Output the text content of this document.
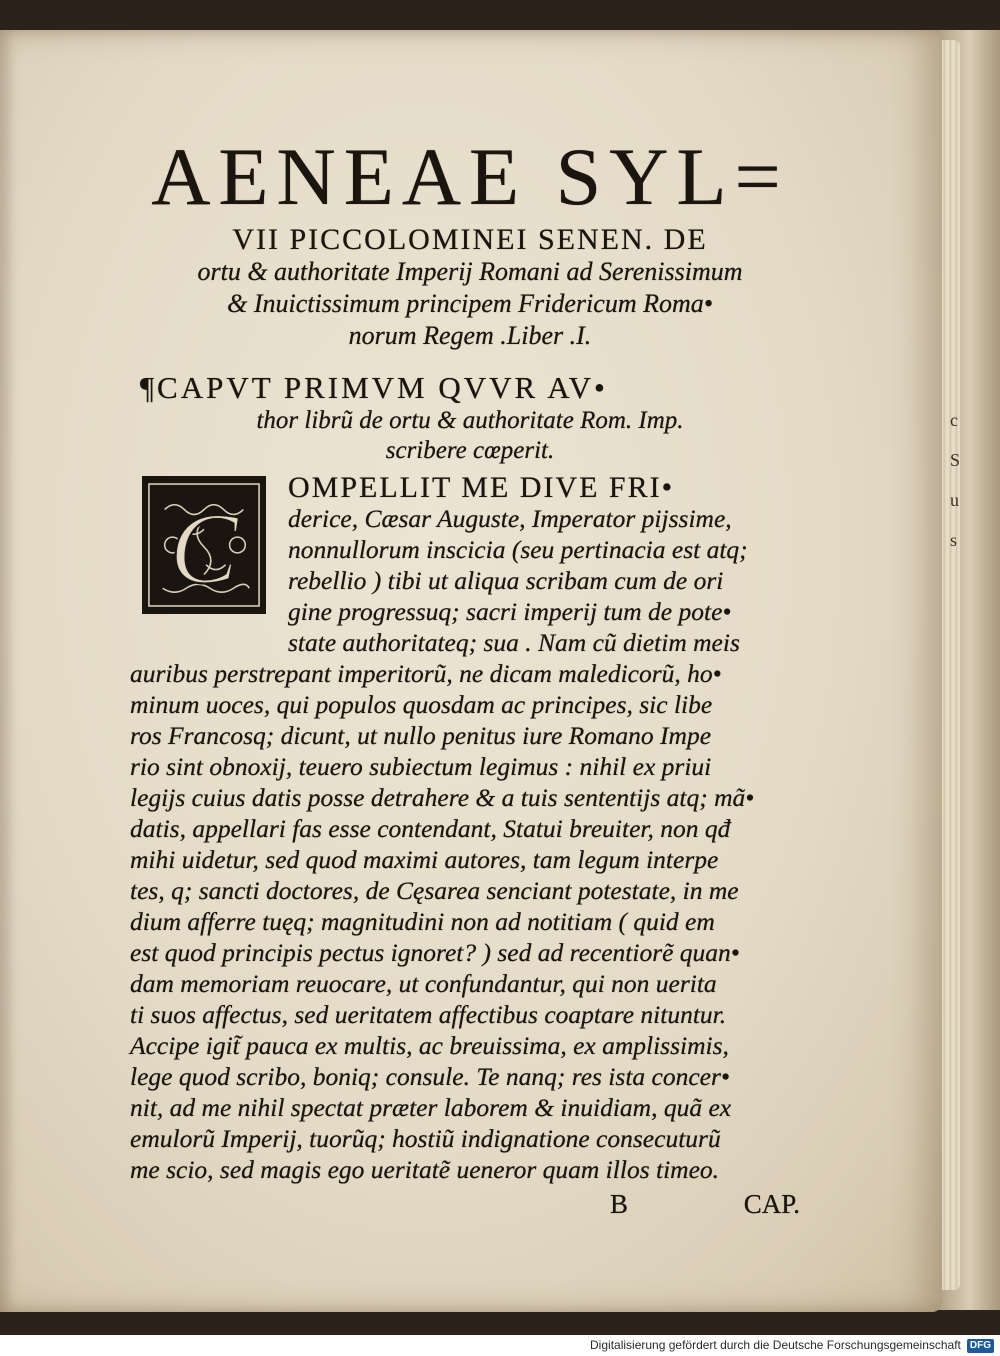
c
S
u
s
AENEAE SYL=
VII PICCOLOMINEI SENEN. DE
ortu & authoritate Imperij Romani ad Serenissimum
& Inuictissimum principem Fridericum Roma•
norum Regem .Liber .I.
¶CAPVT PRIMVM QVVR AV•
thor librũ de ortu & authoritate Rom. Imp.
scribere cœperit.
C
OMPELLIT ME DIVE FRI•
derice, Cæsar Auguste, Imperator pijssime,
nonnullorum inscicia (seu pertinacia est atq;
rebellio ) tibi ut aliqua scribam cum de ori
gine progressuq; sacri imperij tum de pote•
state authoritateq; sua . Nam cũ dietim meis
auribus perstrepant imperitorũ, ne dicam maledicorũ, ho•
minum uoces, qui populos quosdam ac principes, sic libe
ros Francosq; dicunt, ut nullo penitus iure Romano Impe
rio sint obnoxij, teuero subiectum legimus : nihil ex priui
legijs cuius datis posse detrahere & a tuis sententijs atq; mã•
datis, appellari fas esse contendant, Statui breuiter, non qđ
mihi uidetur, sed quod maximi autores, tam legum interpe
tes, q; sancti doctores, de Cęsarea senciant potestate, in me
dium afferre tuęq; magnitudini non ad notitiam ( quid em
est quod principis pectus ignoret? ) sed ad recentiorẽ quan•
dam memoriam reuocare, ut confundantur, qui non uerita
ti suos affectus, sed ueritatem affectibus coaptare nituntur.
Accipe igit̃ pauca ex multis, ac breuissima, ex amplissimis,
lege quod scribo, boniq; consule. Te nanq; res ista concer•
nit, ad me nihil spectat præter laborem & inuidiam, quã ex
emulorũ Imperij, tuorũq; hostiũ indignatione consecuturũ
me scio, sed magis ego ueritatẽ ueneror quam illos timeo.
B	CAP.
Digitalisierung gefördert durch die Deutsche Forschungsgemeinschaft DFG
